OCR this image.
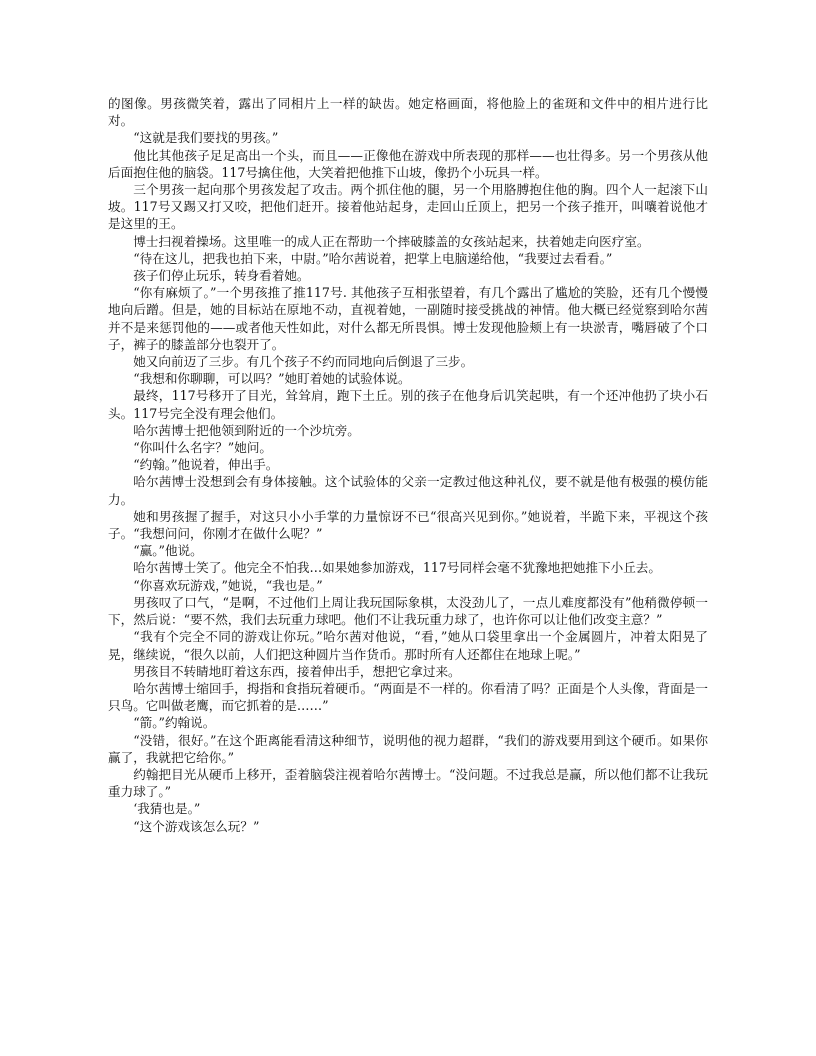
的图像。男孩微笑着，露出了同相片上一样的缺齿。她定格画面，将他脸上的雀斑和文件中的相片进行比对。

“这就是我们要找的男孩。”

他比其他孩子足足高出一个头，而且——正像他在游戏中所表现的那样——也壮得多。另一个男孩从他后面抱住他的脑袋。117号擒住他，大笑着把他推下山坡，像扔个小玩具一样。

三个男孩一起向那个男孩发起了攻击。两个抓住他的腿，另一个用胳膊抱住他的胸。四个人一起滚下山坡。117号又踢又打又咬，把他们赶开。接着他站起身，走回山丘顶上，把另一个孩子推开，叫嚷着说他才是这里的王。

博士扫视着操场。这里唯一的成人正在帮助一个摔破膝盖的女孩站起来，扶着她走向医疗室。

“待在这儿，把我也拍下来，中尉。”哈尔茜说着，把掌上电脑递给他，“我要过去看看。”

孩子们停止玩乐，转身看着她。

“你有麻烦了。”一个男孩推了推117号. 其他孩子互相张望着，有几个露出了尴尬的笑脸，还有几个慢慢地向后蹭。但是，她的目标站在原地不动，直视着她，一副随时接受挑战的神情。他大概已经觉察到哈尔茜并不是来惩罚他的——或者他天性如此，对什么都无所畏惧。博士发现他脸颊上有一块淤青，嘴唇破了个口子，裤子的膝盖部分也裂开了。

她又向前迈了三步。有几个孩子不约而同地向后倒退了三步。

“我想和你聊聊，可以吗？”她盯着她的试验体说。

最终，117号移开了目光，耸耸肩，跑下土丘。别的孩子在他身后讥笑起哄，有一个还冲他扔了块小石头。117号完全没有理会他们。

哈尔茜博士把他领到附近的一个沙坑旁。

“你叫什么名字？”她问。

“约翰。”他说着，伸出手。

哈尔茜博士没想到会有身体接触。这个试验体的父亲一定教过他这种礼仪，要不就是他有极强的模仿能力。

她和男孩握了握手，对这只小小手掌的力量惊讶不已“很高兴见到你。”她说着，半跪下来，平视这个孩子。“我想问问，你刚才在做什么呢？”

“赢。”他说。

哈尔茜博士笑了。他完全不怕我…如果她参加游戏，117号同样会毫不犹豫地把她推下小丘去。

“你喜欢玩游戏，”她说，“我也是。”

男孩叹了口气，“是啊，不过他们上周让我玩国际象棋，太没劲儿了，一点儿难度都没有”他稍微停顿一下，然后说：“要不然，我们去玩重力球吧。他们不让我玩重力球了，也许你可以让他们改变主意？”

“我有个完全不同的游戏让你玩。”哈尔茜对他说，“看，”她从口袋里拿出一个金属圆片，冲着太阳晃了晃，继续说，“很久以前，人们把这种圆片当作货币。那时所有人还都住在地球上呢。”

男孩目不转睛地盯着这东西，接着伸出手，想把它拿过来。

哈尔茜博士缩回手，拇指和食指玩着硬币。“两面是不一样的。你看清了吗？正面是个人头像，背面是一只鸟。它叫做老鹰，而它抓着的是……”

“箭。”约翰说。

“没错，很好。”在这个距离能看清这种细节，说明他的视力超群，“我们的游戏要用到这个硬币。如果你赢了，我就把它给你。”

约翰把目光从硬币上移开，歪着脑袋注视着哈尔茜博士。“没问题。不过我总是赢，所以他们都不让我玩重力球了。”

‘我猜也是。”

“这个游戏该怎么玩？”
